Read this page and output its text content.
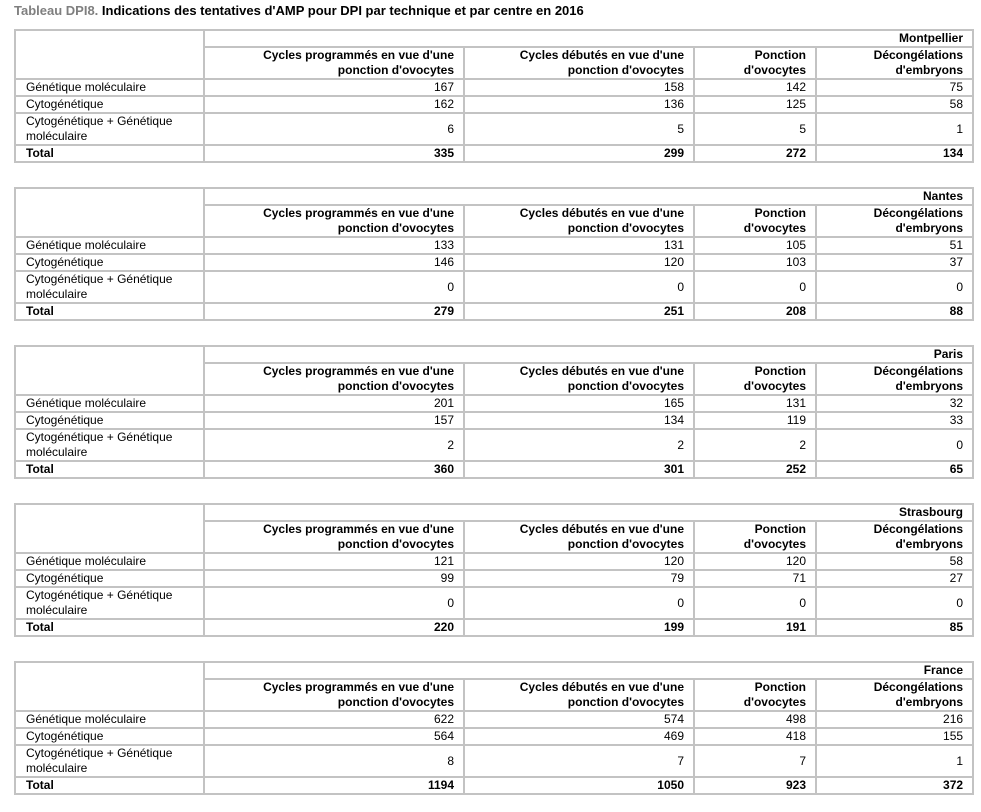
Tableau DPI8. Indications des tentatives d'AMP pour DPI par technique et par centre en 2016
	Montpellier			
	Cycles programmés en vue d'une ponction d'ovocytes	Cycles débutés en vue d'une ponction d'ovocytes	Ponction d'ovocytes	Décongélations d'embryons
Génétique moléculaire	167	158	142	75
Cytogénétique	162	136	125	58
Cytogénétique + Génétique moléculaire	6	5	5	1
Total	335	299	272	134
	Nantes			
	Cycles programmés en vue d'une ponction d'ovocytes	Cycles débutés en vue d'une ponction d'ovocytes	Ponction d'ovocytes	Décongélations d'embryons
Génétique moléculaire	133	131	105	51
Cytogénétique	146	120	103	37
Cytogénétique + Génétique moléculaire	0	0	0	0
Total	279	251	208	88
	Paris			
	Cycles programmés en vue d'une ponction d'ovocytes	Cycles débutés en vue d'une ponction d'ovocytes	Ponction d'ovocytes	Décongélations d'embryons
Génétique moléculaire	201	165	131	32
Cytogénétique	157	134	119	33
Cytogénétique + Génétique moléculaire	2	2	2	0
Total	360	301	252	65
	Strasbourg			
	Cycles programmés en vue d'une ponction d'ovocytes	Cycles débutés en vue d'une ponction d'ovocytes	Ponction d'ovocytes	Décongélations d'embryons
Génétique moléculaire	121	120	120	58
Cytogénétique	99	79	71	27
Cytogénétique + Génétique moléculaire	0	0	0	0
Total	220	199	191	85
	France			
	Cycles programmés en vue d'une ponction d'ovocytes	Cycles débutés en vue d'une ponction d'ovocytes	Ponction d'ovocytes	Décongélations d'embryons
Génétique moléculaire	622	574	498	216
Cytogénétique	564	469	418	155
Cytogénétique + Génétique moléculaire	8	7	7	1
Total	1194	1050	923	372
